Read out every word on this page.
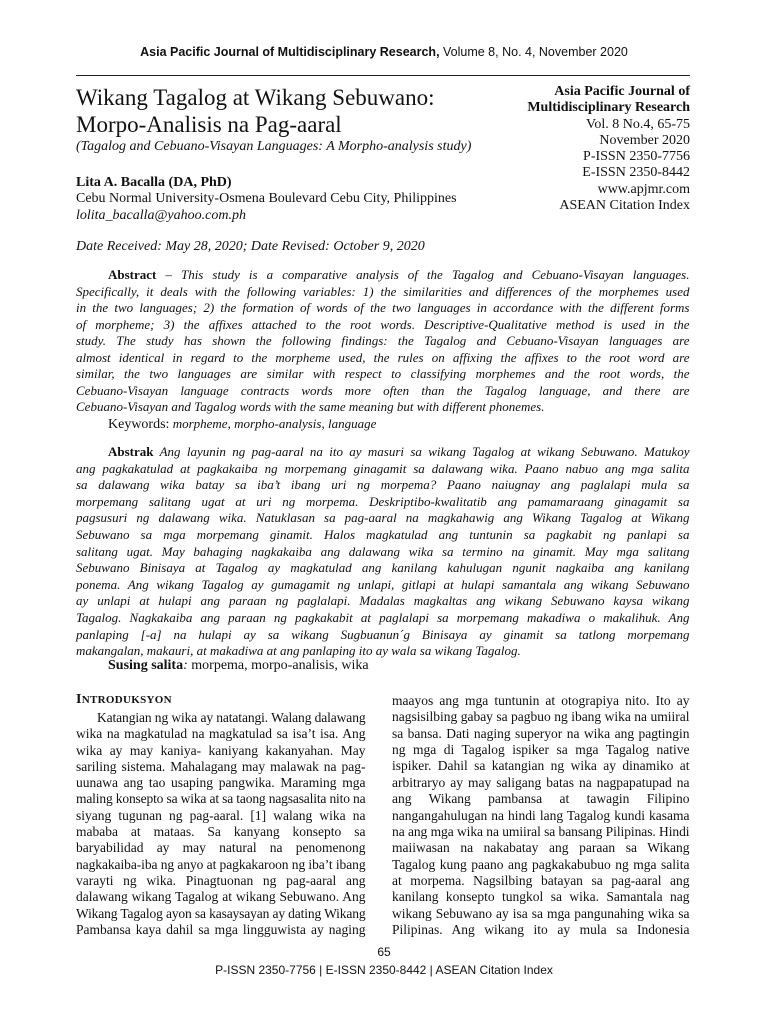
Asia Pacific Journal of Multidisciplinary Research, Volume 8, No. 4, November 2020
Wikang Tagalog at Wikang Sebuwano:
Morpo-Analisis na Pag-aaral
(Tagalog and Cebuano-Visayan Languages: A Morpho-analysis study)
Asia Pacific Journal of
Multidisciplinary Research
Vol. 8 No.4, 65-75
November 2020
P-ISSN 2350-7756
E-ISSN 2350-8442
www.apjmr.com
ASEAN Citation Index
Lita A. Bacalla (DA, PhD)
Cebu Normal University-Osmena Boulevard Cebu City, Philippines
lolita_bacalla@yahoo.com.ph
Date Received: May 28, 2020; Date Revised: October 9, 2020
Abstract – This study is a comparative analysis of the Tagalog and Cebuano-Visayan languages.
Specifically, it deals with the following variables: 1) the similarities and differences of the morphemes used
in the two languages; 2) the formation of words of the two languages in accordance with the different forms
of morpheme; 3) the affixes attached to the root words. Descriptive-Qualitative method is used in the
study. The study has shown the following findings: the Tagalog and Cebuano-Visayan languages are
almost identical in regard to the morpheme used, the rules on affixing the affixes to the root word are
similar, the two languages are similar with respect to classifying morphemes and the root words, the
Cebuano-Visayan language contracts words more often than the Tagalog language, and there are
Cebuano-Visayan and Tagalog words with the same meaning but with different phonemes.
Keywords: morpheme, morpho-analysis, language
Abstrak Ang layunin ng pag-aaral na ito ay masuri sa wikang Tagalog at wikang Sebuwano. Matukoy
ang pagkakatulad at pagkakaiba ng morpemang ginagamit sa dalawang wika. Paano nabuo ang mga salita
sa dalawang wika batay sa iba’t ibang uri ng morpema? Paano naiugnay ang paglalapi mula sa
morpemang salitang ugat at uri ng morpema. Deskriptibo-kwalitatib ang pamamaraang ginagamit sa
pagsusuri ng dalawang wika. Natuklasan sa pag-aaral na magkahawig ang Wikang Tagalog at Wikang
Sebuwano sa mga morpemang ginamit. Halos magkatulad ang tuntunin sa pagkabit ng panlapi sa
salitang ugat. May bahaging nagkakaiba ang dalawang wika sa termino na ginamit. May mga salitang
Sebuwano Binisaya at Tagalog ay magkatulad ang kanilang kahulugan ngunit nagkaiba ang kanilang
ponema. Ang wikang Tagalog ay gumagamit ng unlapi, gitlapi at hulapi samantala ang wikang Sebuwano
ay unlapi at hulapi ang paraan ng paglalapi. Madalas magkaltas ang wikang Sebuwano kaysa wikang
Tagalog. Nagkakaiba ang paraan ng pagkakabit at paglalapi sa morpemang makadiwa o makalihuk. Ang
panlaping [-a] na hulapi ay sa wikang Sugbuanun´g Binisaya ay ginamit sa tatlong morpemang
makangalan, makauri, at makadiwa at ang panlaping ito ay wala sa wikang Tagalog.
Susing salita: morpema, morpo-analisis, wika
INTRODUKSYON
Katangian ng wika ay natatangi. Walang dalawang
wika na magkatulad na magkatulad sa isa’t isa. Ang
wika ay may kaniya- kaniyang kakanyahan. May
sariling sistema. Mahalagang may malawak na pag-
uunawa ang tao usaping pangwika. Maraming mga
maling konsepto sa wika at sa taong nagsasalita nito na
siyang tugunan ng pag-aaral. [1] walang wika na
mababa at mataas. Sa kanyang konsepto sa
baryabilidad ay may natural na penomenong
nagkakaiba-iba ng anyo at pagkakaroon ng iba’t ibang
varayti ng wika. Pinagtuonan ng pag-aaral ang
dalawang wikang Tagalog at wikang Sebuwano. Ang
Wikang Tagalog ayon sa kasaysayan ay dating Wikang
Pambansa kaya dahil sa mga lingguwista ay naging
maayos ang mga tuntunin at otograpiya nito. Ito ay
nagsisilbing gabay sa pagbuo ng ibang wika na umiiral
sa bansa. Dati naging superyor na wika ang pagtingin
ng mga di Tagalog ispiker sa mga Tagalog native
ispiker. Dahil sa katangian ng wika ay dinamiko at
arbitraryo ay may saligang batas na nagpapatupad na
ang Wikang pambansa at tawagin Filipino
nangangahulugan na hindi lang Tagalog kundi kasama
na ang mga wika na umiiral sa bansang Pilipinas. Hindi
maiiwasan na nakabatay ang paraan sa Wikang
Tagalog kung paano ang pagkakabubuo ng mga salita
at morpema. Nagsilbing batayan sa pag-aaral ang
kanilang konsepto tungkol sa wika. Samantala nag
wikang Sebuwano ay isa sa mga pangunahing wika sa
Pilipinas. Ang wikang ito ay mula sa Indonesia
65
P-ISSN 2350-7756 | E-ISSN 2350-8442 | ASEAN Citation Index
